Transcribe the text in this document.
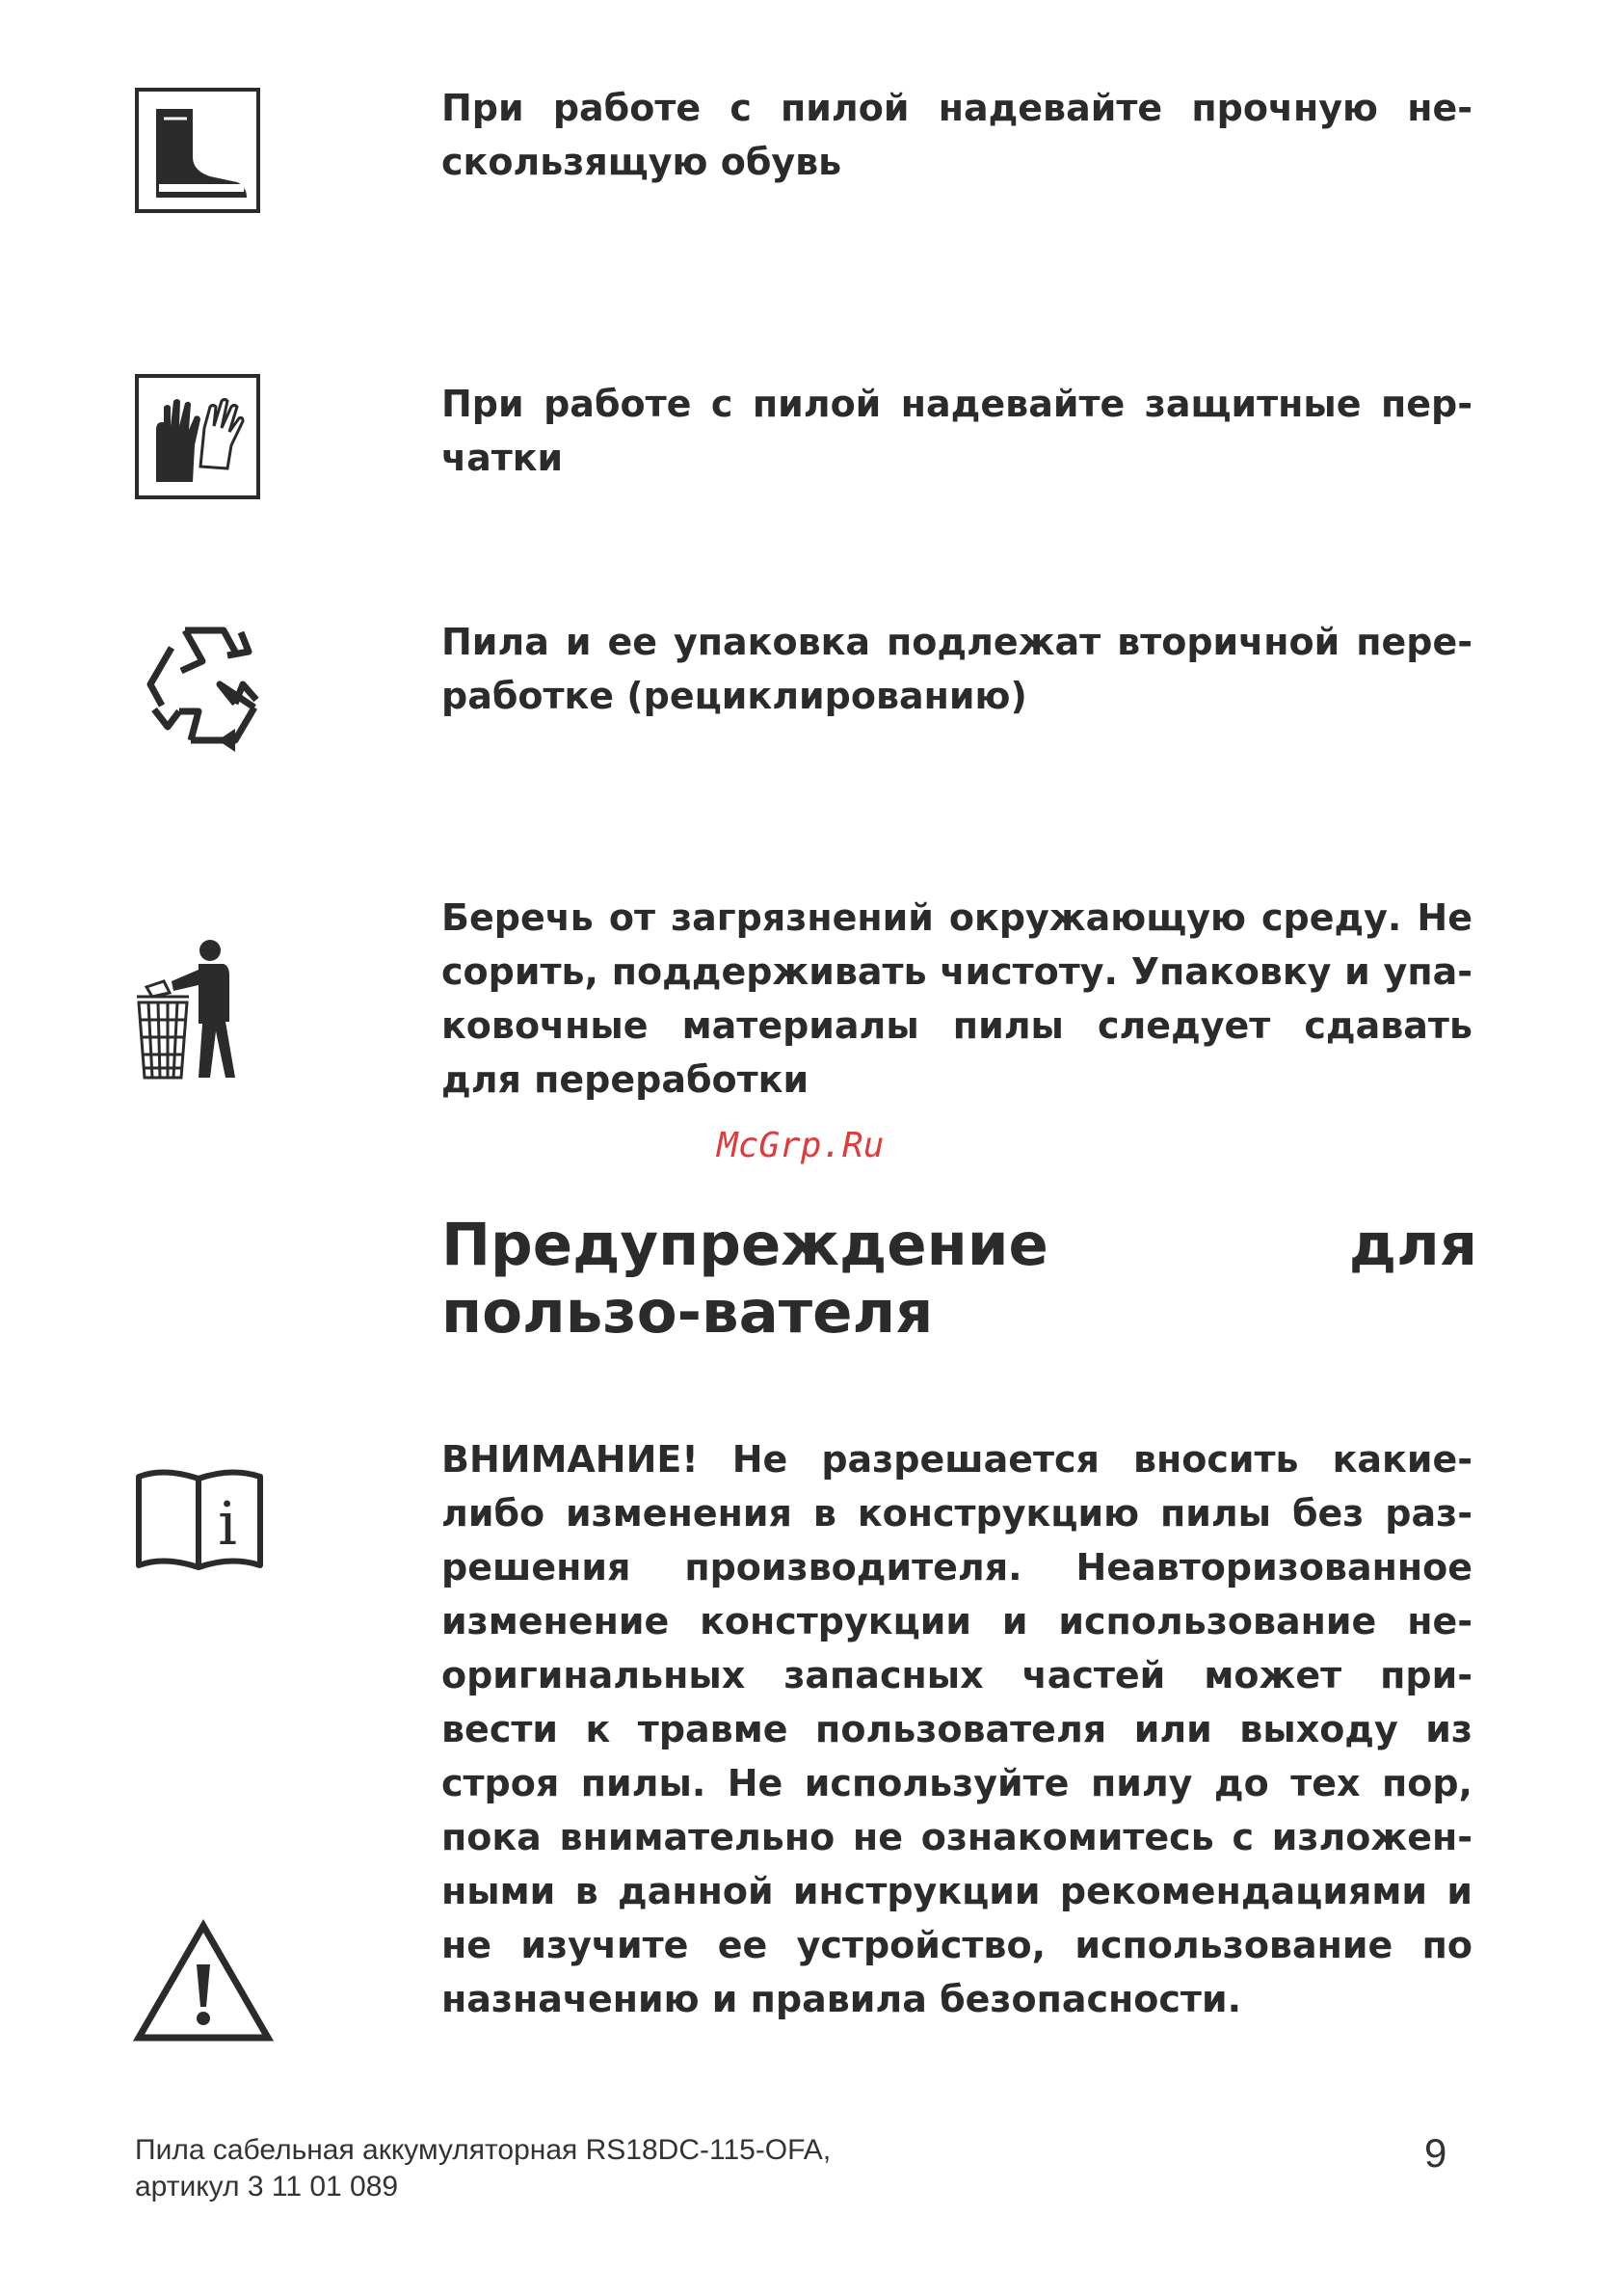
При работе с пилой надевайте прочную не-скользящую обувь
При работе с пилой надевайте защитные пер-чатки
Пила и ее упаковка подлежат вторичной пере-работке (рециклированию)
Беречь от загрязнений окружающую среду. Не сорить, поддерживать чистоту. Упаковку и упа-ковочные материалы пилы следует сдавать для переработки
McGrp.Ru
Предупреждение для пользо-вателя
i
ВНИМАНИЕ! Не разрешается вносить какие-либо изменения в конструкцию пилы без раз-решения производителя. Неавторизованное изменение конструкции и использование не-оригинальных запасных частей может при-вести к травме пользователя или выходу из строя пилы. Не используйте пилу до тех пор, пока внимательно не ознакомитесь с изложен-ными в данной инструкции рекомендациями и не изучите ее устройство, использование по назначению и правила безопасности.
Пила сабельная аккумуляторная RS18DC-115-OFA,
артикул 3 11 01 089
9
